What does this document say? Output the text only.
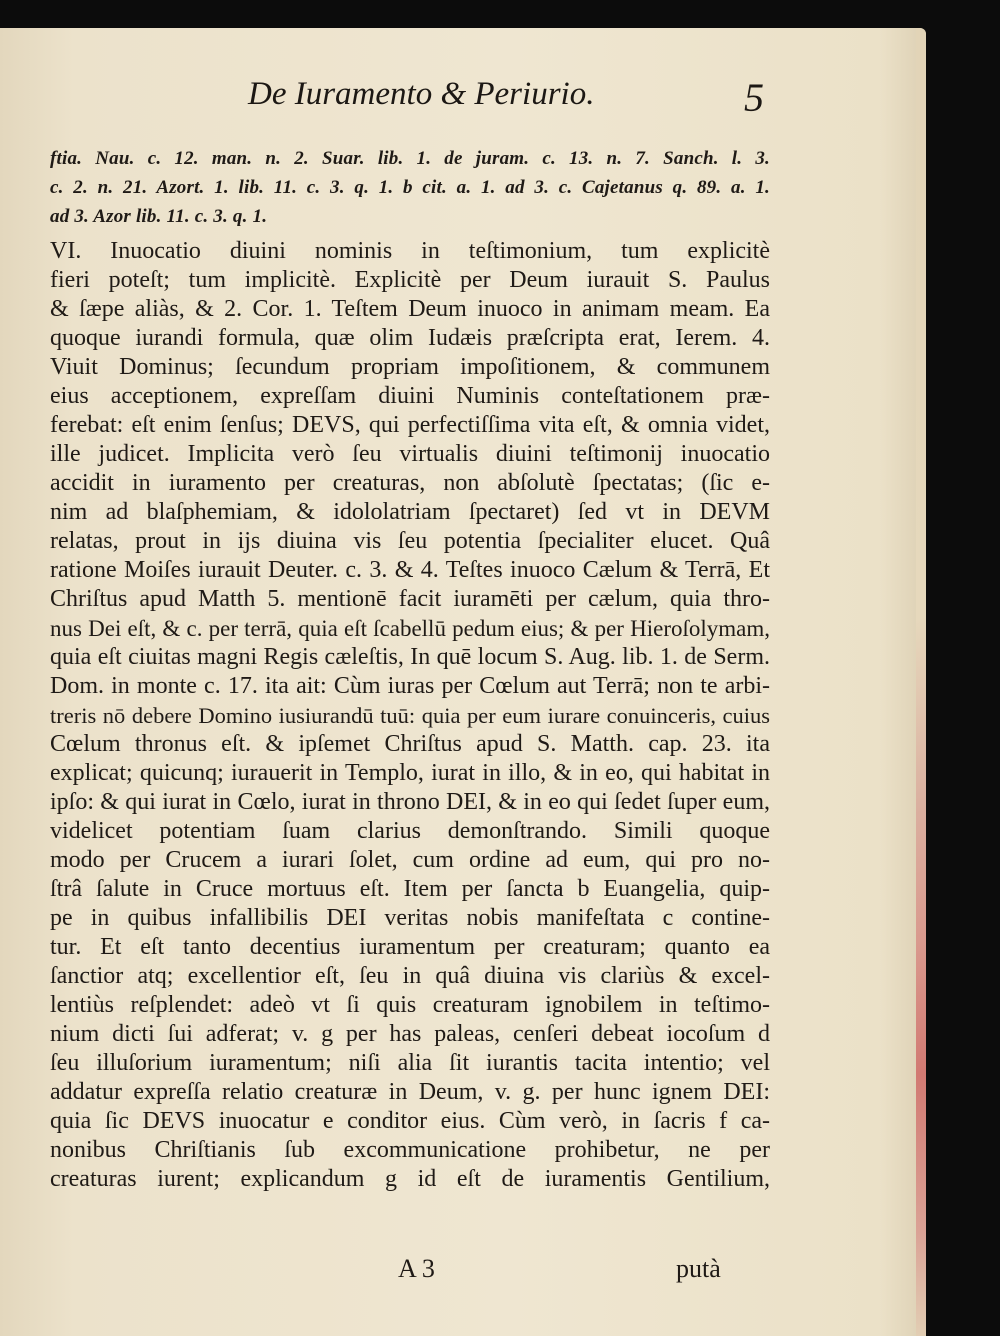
De Iuramento & Periurio.	5
ftia. Nau. c. 12. man. n. 2. Suar. lib. 1. de juram. c. 13. n. 7. Sanch. l. 3.
c. 2. n. 21. Azort. 1. lib. 11. c. 3. q. 1. b cit. a. 1. ad 3. c. Cajetanus q. 89. a. 1.
ad 3. Azor lib. 11. c. 3. q. 1.
VI. Inuocatio diuini nominis in teſtimonium, tum explicitè
fieri poteſt; tum implicitè. Explicitè per Deum iurauit S. Paulus
& ſæpe aliàs, & 2. Cor. 1. Teſtem Deum inuoco in animam meam. Ea
quoque iurandi formula, quæ olim Iudæis præſcripta erat, Ierem. 4.
Viuit Dominus; ſecundum propriam impoſitionem, & communem
eius acceptionem, expreſſam diuini Numinis conteſtationem præ-
ferebat: eſt enim ſenſus; DEVS, qui perfectiſſima vita eſt, & omnia videt,
ille judicet. Implicita verò ſeu virtualis diuini teſtimonij inuocatio
accidit in iuramento per creaturas, non abſolutè ſpectatas; (ſic e-
nim ad blaſphemiam, & idololatriam ſpectaret) ſed vt in DEVM
relatas, prout in ijs diuina vis ſeu potentia ſpecialiter elucet. Quâ
ratione Moiſes iurauit Deuter. c. 3. & 4. Teſtes inuoco Cælum & Terrā, Et
Chriſtus apud Matth 5. mentionē facit iuramēti per cælum, quia thro-
nus Dei eſt, & c. per terrā, quia eſt ſcabellū pedum eius; & per Hieroſolymam,
quia eſt ciuitas magni Regis cæleſtis, In quē locum S. Aug. lib. 1. de Serm.
Dom. in monte c. 17. ita ait: Cùm iuras per Cœlum aut Terrā; non te arbi-
treris nō debere Domino iusiurandū tuū: quia per eum iurare conuinceris, cuius
Cœlum thronus eſt. & ipſemet Chriſtus apud S. Matth. cap. 23. ita
explicat; quicunq; iurauerit in Templo, iurat in illo, & in eo, qui habitat in
ipſo: & qui iurat in Cœlo, iurat in throno DEI, & in eo qui ſedet ſuper eum,
videlicet potentiam ſuam clarius demonſtrando. Simili quoque
modo per Crucem a iurari ſolet, cum ordine ad eum, qui pro no-
ſtrâ ſalute in Cruce mortuus eſt. Item per ſancta b Euangelia, quip-
pe in quibus infallibilis DEI veritas nobis manifeſtata c contine-
tur. Et eſt tanto decentius iuramentum per creaturam; quanto ea
ſanctior atq; excellentior eſt, ſeu in quâ diuina vis clariùs & excel-
lentiùs reſplendet: adeò vt ſi quis creaturam ignobilem in teſtimo-
nium dicti ſui adferat; v. g per has paleas, cenſeri debeat iocoſum d
ſeu illuſorium iuramentum; niſi alia ſit iurantis tacita intentio; vel
addatur expreſſa relatio creaturæ in Deum, v. g. per hunc ignem DEI:
quia ſic DEVS inuocatur e conditor eius. Cùm verò, in ſacris f ca-
nonibus Chriſtianis ſub excommunicatione prohibetur, ne per
creaturas iurent; explicandum g id eſt de iuramentis Gentilium,
A 3	putà
